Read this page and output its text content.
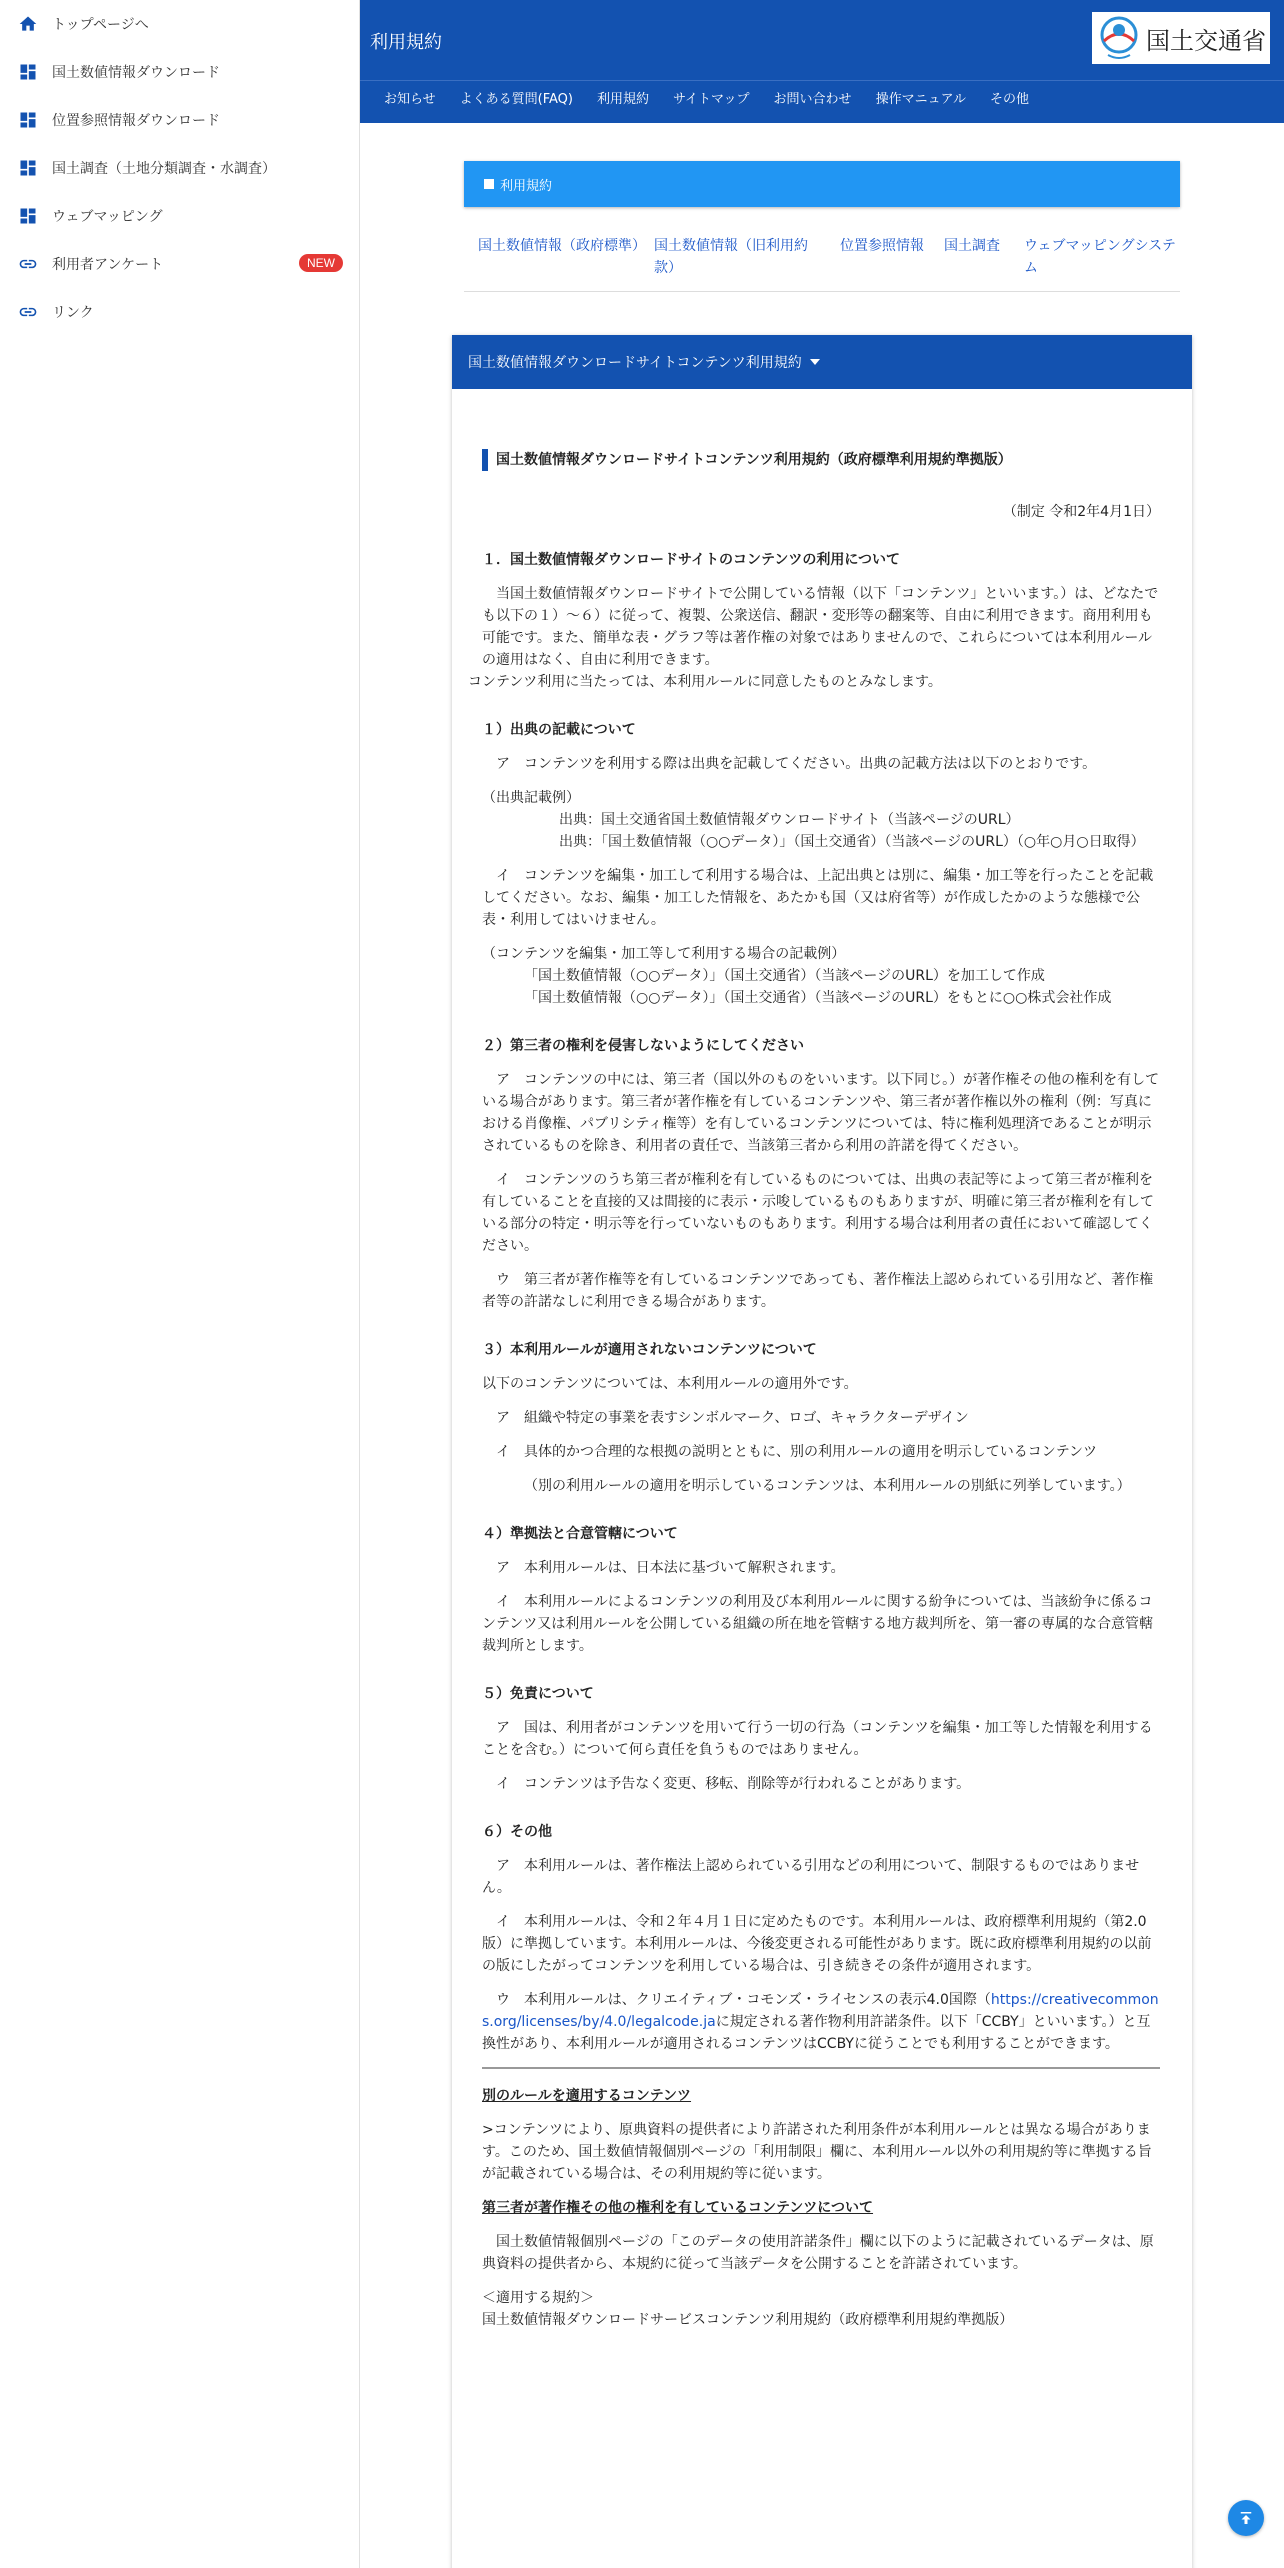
トップページへ
国土数値情報ダウンロード
位置参照情報ダウンロード
国土調査（土地分類調査・水調査）
ウェブマッピング
利用者アンケート	NEW
リンク
利用規約	国土交通省
お知らせ よくある質問(FAQ) 利用規約 サイトマップ お問い合わせ 操作マニュアル その他
利用規約
国土数値情報（政府標準） 国土数値情報（旧利用約款）
位置参照情報	国土調査	ウェブマッピングシステム
国土数値情報ダウンロードサイトコンテンツ利用規約
国土数値情報ダウンロードサイトコンテンツ利用規約（政府標準利用規約準拠版）
（制定 令和2年4月1日）
１．国土数値情報ダウンロードサイトのコンテンツの利用について

当国土数値情報ダウンロードサイトで公開している情報（以下「コンテンツ」といいます。）は、どなたでも以下の１）～６）に従って、複製、公衆送信、翻訳・変形等の翻案等、自由に利用できます。商用利用も可能です。また、簡単な表・グラフ等は著作権の対象ではありませんので、これらについては本利用ルールの適用はなく、自由に利用できます。
コンテンツ利用に当たっては、本利用ルールに同意したものとみなします。

１）出典の記載について

ア　コンテンツを利用する際は出典を記載してください。出典の記載方法は以下のとおりです。

（出典記載例）
出典：国土交通省国土数値情報ダウンロードサイト（当該ページのURL）

出典：「国土数値情報（○○データ）」（国土交通省）（当該ページのURL）（○年○月○日取得）

イ　コンテンツを編集・加工して利用する場合は、上記出典とは別に、編集・加工等を行ったことを記載してください。なお、編集・加工した情報を、あたかも国（又は府省等）が作成したかのような態様で公表・利用してはいけません。

（コンテンツを編集・加工等して利用する場合の記載例）
「国土数値情報（○○データ）」（国土交通省）（当該ページのURL）を加工して作成

「国土数値情報（○○データ）」（国土交通省）（当該ページのURL）をもとに○○株式会社作成

２）第三者の権利を侵害しないようにしてください

ア　コンテンツの中には、第三者（国以外のものをいいます。以下同じ。）が著作権その他の権利を有している場合があります。第三者が著作権を有しているコンテンツや、第三者が著作権以外の権利（例：写真における肖像権、パブリシティ権等）を有しているコンテンツについては、特に権利処理済であることが明示されているものを除き、利用者の責任で、当該第三者から利用の許諾を得てください。

イ　コンテンツのうち第三者が権利を有しているものについては、出典の表記等によって第三者が権利を有していることを直接的又は間接的に表示・示唆しているものもありますが、明確に第三者が権利を有している部分の特定・明示等を行っていないものもあります。利用する場合は利用者の責任において確認してください。

ウ　第三者が著作権等を有しているコンテンツであっても、著作権法上認められている引用など、著作権者等の許諾なしに利用できる場合があります。

３）本利用ルールが適用されないコンテンツについて

以下のコンテンツについては、本利用ルールの適用外です。

ア　組織や特定の事業を表すシンボルマーク、ロゴ、キャラクターデザイン

イ　具体的かつ合理的な根拠の説明とともに、別の利用ルールの適用を明示しているコンテンツ

（別の利用ルールの適用を明示しているコンテンツは、本利用ルールの別紙に列挙しています。）

４）準拠法と合意管轄について

ア　本利用ルールは、日本法に基づいて解釈されます。

イ　本利用ルールによるコンテンツの利用及び本利用ルールに関する紛争については、当該紛争に係るコンテンツ又は利用ルールを公開している組織の所在地を管轄する地方裁判所を、第一審の専属的な合意管轄裁判所とします。

５）免責について

ア　国は、利用者がコンテンツを用いて行う一切の行為（コンテンツを編集・加工等した情報を利用することを含む。）について何ら責任を負うものではありません。

イ　コンテンツは予告なく変更、移転、削除等が行われることがあります。

６）その他

ア　本利用ルールは、著作権法上認められている引用などの利用について、制限するものではありません。

イ　本利用ルールは、令和２年４月１日に定めたものです。本利用ルールは、政府標準利用規約（第2.0版）に準拠しています。本利用ルールは、今後変更される可能性があります。既に政府標準利用規約の以前の版にしたがってコンテンツを利用している場合は、引き続きその条件が適用されます。

ウ　本利用ルールは、クリエイティブ・コモンズ・ライセンスの表示4.0国際（https://creativecommons.org/licenses/by/4.0/legalcode.jaに規定される著作物利用許諾条件。以下「CCBY」といいます。）と互換性があり、本利用ルールが適用されるコンテンツはCCBYに従うことでも利用することができます。

別のルールを適用するコンテンツ

>コンテンツにより、原典資料の提供者により許諾された利用条件が本利用ルールとは異なる場合があります。このため、国土数値情報個別ページの「利用制限」欄に、本利用ルール以外の利用規約等に準拠する旨が記載されている場合は、その利用規約等に従います。

第三者が著作権その他の権利を有しているコンテンツについて

国土数値情報個別ページの「このデータの使用許諾条件」欄に以下のように記載されているデータは、原典資料の提供者から、本規約に従って当該データを公開することを許諾されています。

＜適用する規約＞
国土数値情報ダウンロードサービスコンテンツ利用規約（政府標準利用規約準拠版）
